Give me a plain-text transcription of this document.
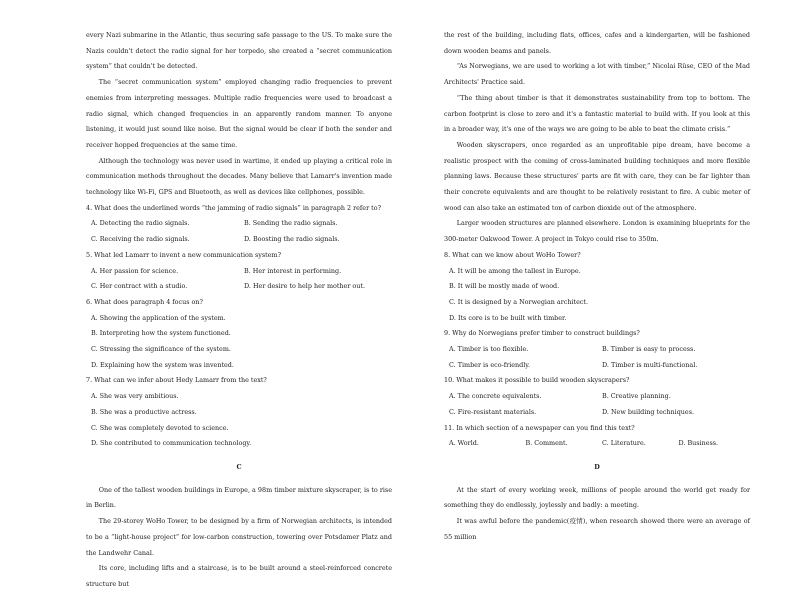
every Nazi submarine in the Atlantic, thus securing safe passage to the US. To make sure the Nazis couldn't detect the radio signal for her torpedo, she created a “secret communication system” that couldn't be detected.

The “secret communication system” employed changing radio frequencies to prevent enemies from interpreting messages. Multiple radio frequencies were used to broadcast a radio signal, which changed frequencies in an apparently random manner. To anyone listening, it would just sound like noise. But the signal would be clear if both the sender and receiver hopped frequencies at the same time.

Although the technology was never used in wartime, it ended up playing a critical role in communication methods throughout the decades. Many believe that Lamarr's invention made technology like Wi-Fi, GPS and Bluetooth, as well as devices like cellphones, possible.

4. What does the underlined words “the jamming of radio signals” in paragraph 2 refer to?

A. Detecting the radio signals.	B. Sending the radio signals.
C. Receiving the radio signals.	D. Boosting the radio signals.

5. What led Lamarr to invent a new communication system?

A. Her passion for science.	B. Her interest in performing.
C. Her contract with a studio.	D. Her desire to help her mother out.

6. What does paragraph 4 focus on?

A. Showing the application of the system.
B. Interpreting how the system functioned.
C. Stressing the significance of the system.
D. Explaining how the system was invented.

7. What can we infer about Hedy Lamarr from the text?

A. She was very ambitious.
B. She was a productive actress.
C. She was completely devoted to science.
D. She contributed to communication technology.
C

One of the tallest wooden buildings in Europe, a 98m timber mixture skyscraper, is to rise in Berlin.

The 29-storey WoHo Tower, to be designed by a firm of Norwegian architects, is intended to be a “light-house project” for low-carbon construction, towering over Potsdamer Platz and the Landwehr Canal.

Its core, including lifts and a staircase, is to be built around a steel-reinforced concrete structure but

the rest of the building, including flats, offices, cafes and a kindergarten, will be fashioned down wooden beams and panels.

“As Norwegians, we are used to working a lot with timber,” Nicolai Rüse, CEO of the Mad Architects' Practice said.

“The thing about timber is that it demonstrates sustainability from top to bottom. The carbon footprint is close to zero and it's a fantastic material to build with. If you look at this in a broader way, it's one of the ways we are going to be able to beat the climate crisis.”

Wooden skyscrapers, once regarded as an unprofitable pipe dream, have become a realistic prospect with the coming of cross-laminated building techniques and more flexible planning laws. Because these structures' parts are fit with care, they can be far lighter than their concrete equivalents and are thought to be relatively resistant to fire. A cubic meter of wood can also take an estimated ton of carbon dioxide out of the atmosphere.

Larger wooden structures are planned elsewhere. London is examining blueprints for the 300-meter Oakwood Tower. A project in Tokyo could rise to 350m.

8. What can we know about WoHo Tower?

A. It will be among the tallest in Europe.
B. It will be mostly made of wood.
C. It is designed by a Norwegian architect.
D. Its core is to be built with timber.

9. Why do Norwegians prefer timber to construct buildings?

A. Timber is too flexible.	B. Timber is easy to process.
C. Timber is eco-friendly.	D. Timber is multi-functional.

10. What makes it possible to build wooden skyscrapers?

A. The concrete equivalents.	B. Creative planning.
C. Fire-resistant materials.	D. New building techniques.

11. In which section of a newspaper can you find this text?

A. World.	B. Comment.	C. Literature.	D. Business.
D

At the start of every working week, millions of people around the world get ready for something they do endlessly, joylessly and badly: a meeting.

It was awful before the pandemic(疫情), when research showed there were an average of 55 million
